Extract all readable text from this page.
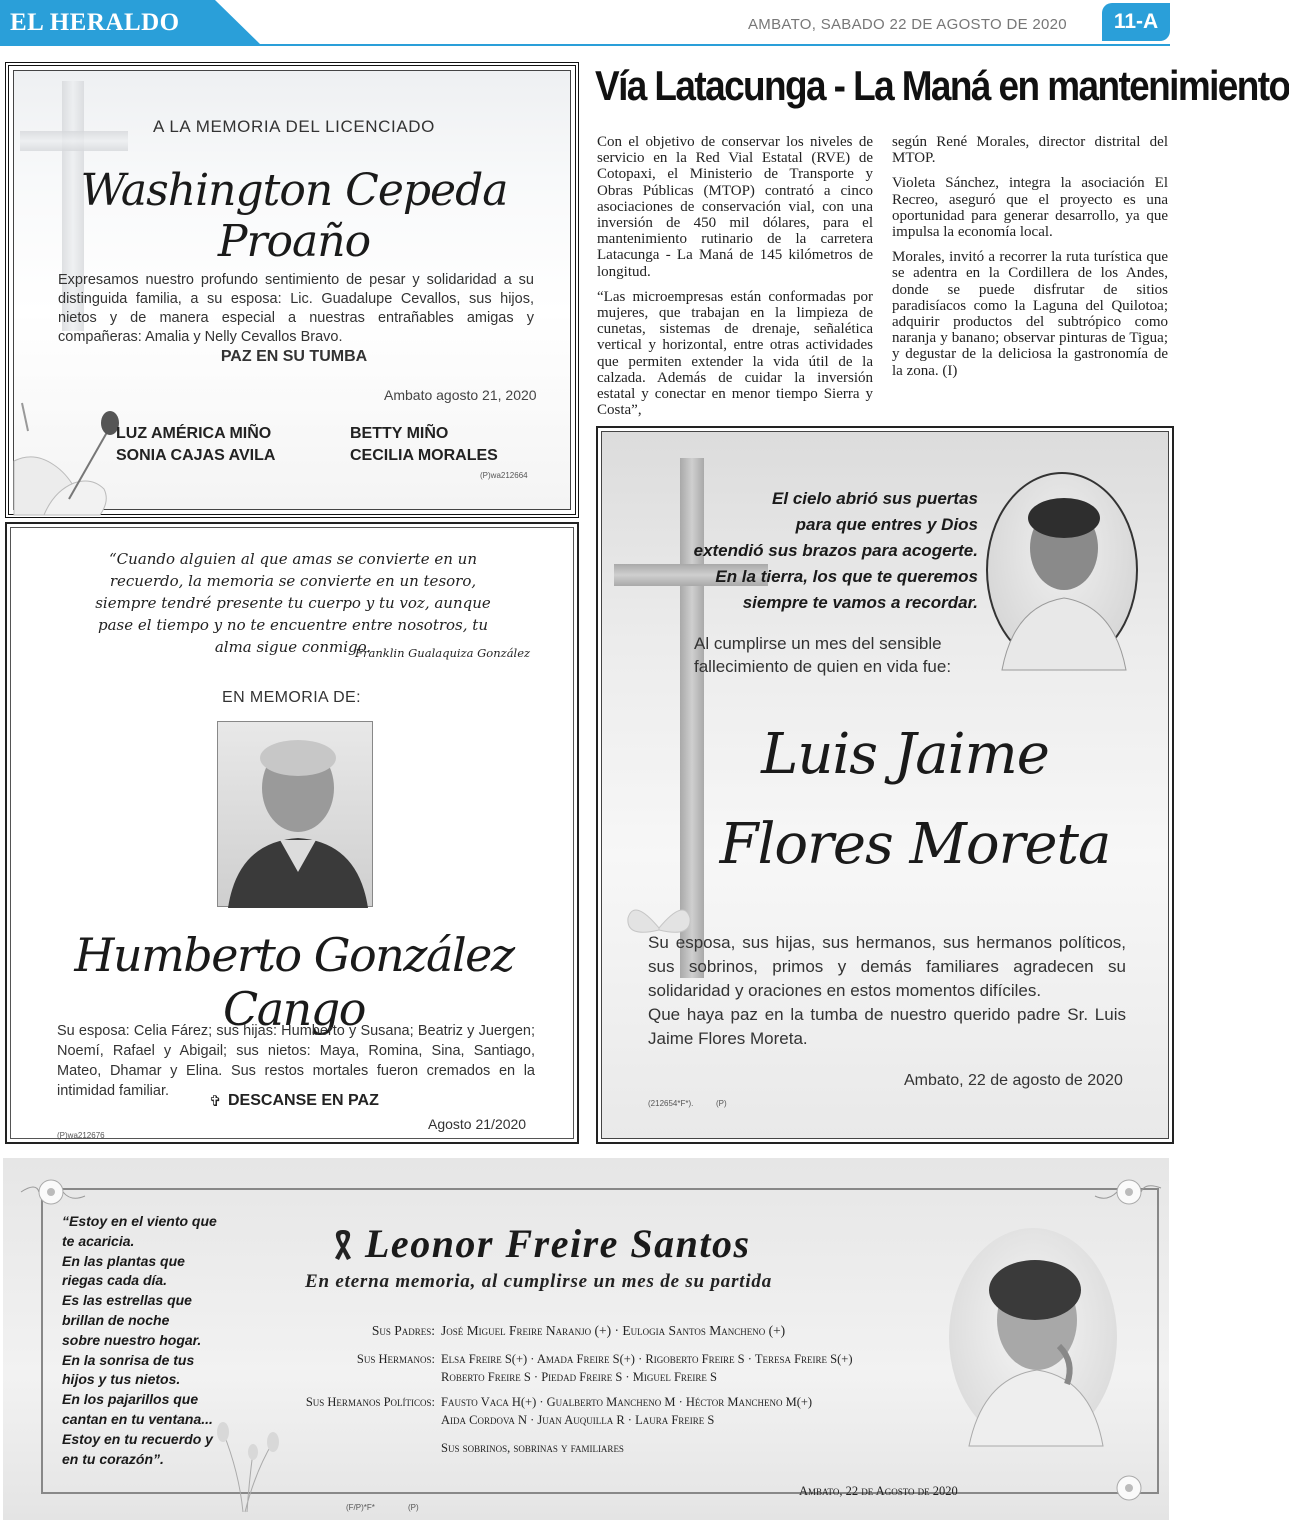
EL HERALDO	AMBATO, SABADO 22 DE AGOSTO DE 2020	11-A
A LA MEMORIA DEL LICENCIADO
Washington Cepeda Proaño
Expresamos nuestro profundo sentimiento de pesar y solidaridad a su distinguida familia, a su esposa: Lic. Guadalupe Cevallos, sus hijos, nietos y de manera especial a nuestras entrañables amigas y compañeras: Amalia y Nelly Cevallos Bravo.
PAZ EN SU TUMBA
Ambato agosto 21, 2020
LUZ AMÉRICA MIÑO
SONIA CAJAS AVILA
BETTY MIÑO
CECILIA MORALES
(P)wa212664
“Cuando alguien al que amas se convierte en un recuerdo, la memoria se convierte en un tesoro, siempre tendré presente tu cuerpo y tu voz, aunque pase el tiempo y no te encuentre entre nosotros, tu alma sigue conmigo.
Franklin Gualaquiza González
EN MEMORIA DE:
Humberto González Cango
Su esposa: Celia Fárez; sus hijas: Humberto y Susana; Beatriz y Juergen; Noemí, Rafael y Abigail; sus nietos: Maya, Romina, Sina, Santiago, Mateo, Dhamar y Elina. Sus restos mortales fueron cremados en la intimidad familiar.
✞ DESCANSE EN PAZ
Agosto 21/2020
(P)wa212676
Vía Latacunga - La Maná en mantenimiento

Con el objetivo de conservar los niveles de servicio en la Red Vial Estatal (RVE) de Cotopaxi, el Ministerio de Transporte y Obras Públicas (MTOP) contrató a cinco asociaciones de conservación vial, con una inversión de 450 mil dólares, para el mantenimiento rutinario de la carretera Latacunga - La Maná de 145 kilómetros de longitud.

“Las microempresas están conformadas por mujeres, que trabajan en la limpieza de cunetas, sistemas de drenaje, señalética vertical y horizontal, entre otras actividades que permiten extender la vida útil de la calzada. Además de cuidar la inversión estatal y conectar en menor tiempo Sierra y Costa”,

según René Morales, director distrital del MTOP.

Violeta Sánchez, integra la asociación El Recreo, aseguró que el proyecto es una oportunidad para generar desarrollo, ya que impulsa la economía local.

Morales, invitó a recorrer la ruta turística que se adentra en la Cordillera de los Andes, donde se puede disfrutar de sitios paradisíacos como la Laguna del Quilotoa; adquirir productos del subtrópico como naranja y banano; observar pinturas de Tigua; y degustar de la deliciosa la gastronomía de la zona. (I)

El cielo abrió sus puertas
para que entres y Dios
extendió sus brazos para acogerte.
En la tierra, los que te queremos
siempre te vamos a recordar.
Al cumplirse un mes del sensible
fallecimiento de quien en vida fue:
Luis Jaime
Flores Moreta
Su esposa, sus hijas, sus hermanos, sus hermanos políticos, sus sobrinos, primos y demás familiares agradecen su solidaridad y oraciones en estos momentos difíciles.
Que haya paz en la tumba de nuestro querido padre Sr. Luis Jaime Flores Moreta.
Ambato, 22 de agosto de 2020
(212654*F*).	(P)
“Estoy en el viento que
te acaricia.
En las plantas que
riegas cada día.
Es las estrellas que
brillan de noche
sobre nuestro hogar.
En la sonrisa de tus
hijos y tus nietos.
En los pajarillos que
cantan en tu ventana...
Estoy en tu recuerdo y
en tu corazón”.
Leonor Freire Santos
En eterna memoria, al cumplirse un mes de su partida
Sus Padres: José Miguel Freire Naranjo (+) · Eulogia Santos Mancheno (+)
Sus Hermanos: Elsa Freire S(+) · Amada Freire S(+) · Rigoberto Freire S · Teresa Freire S(+)
Roberto Freire S · Piedad Freire S · Miguel Freire S
Sus Hermanos Políticos: Fausto Vaca H(+) · Gualberto Mancheno M · Héctor Mancheno M(+)
Aida Cordova N · Juan Auquilla R · Laura Freire S
Sus sobrinos, sobrinas y familiares
Ambato, 22 de Agosto de 2020
(F/P)*F*	(P)
